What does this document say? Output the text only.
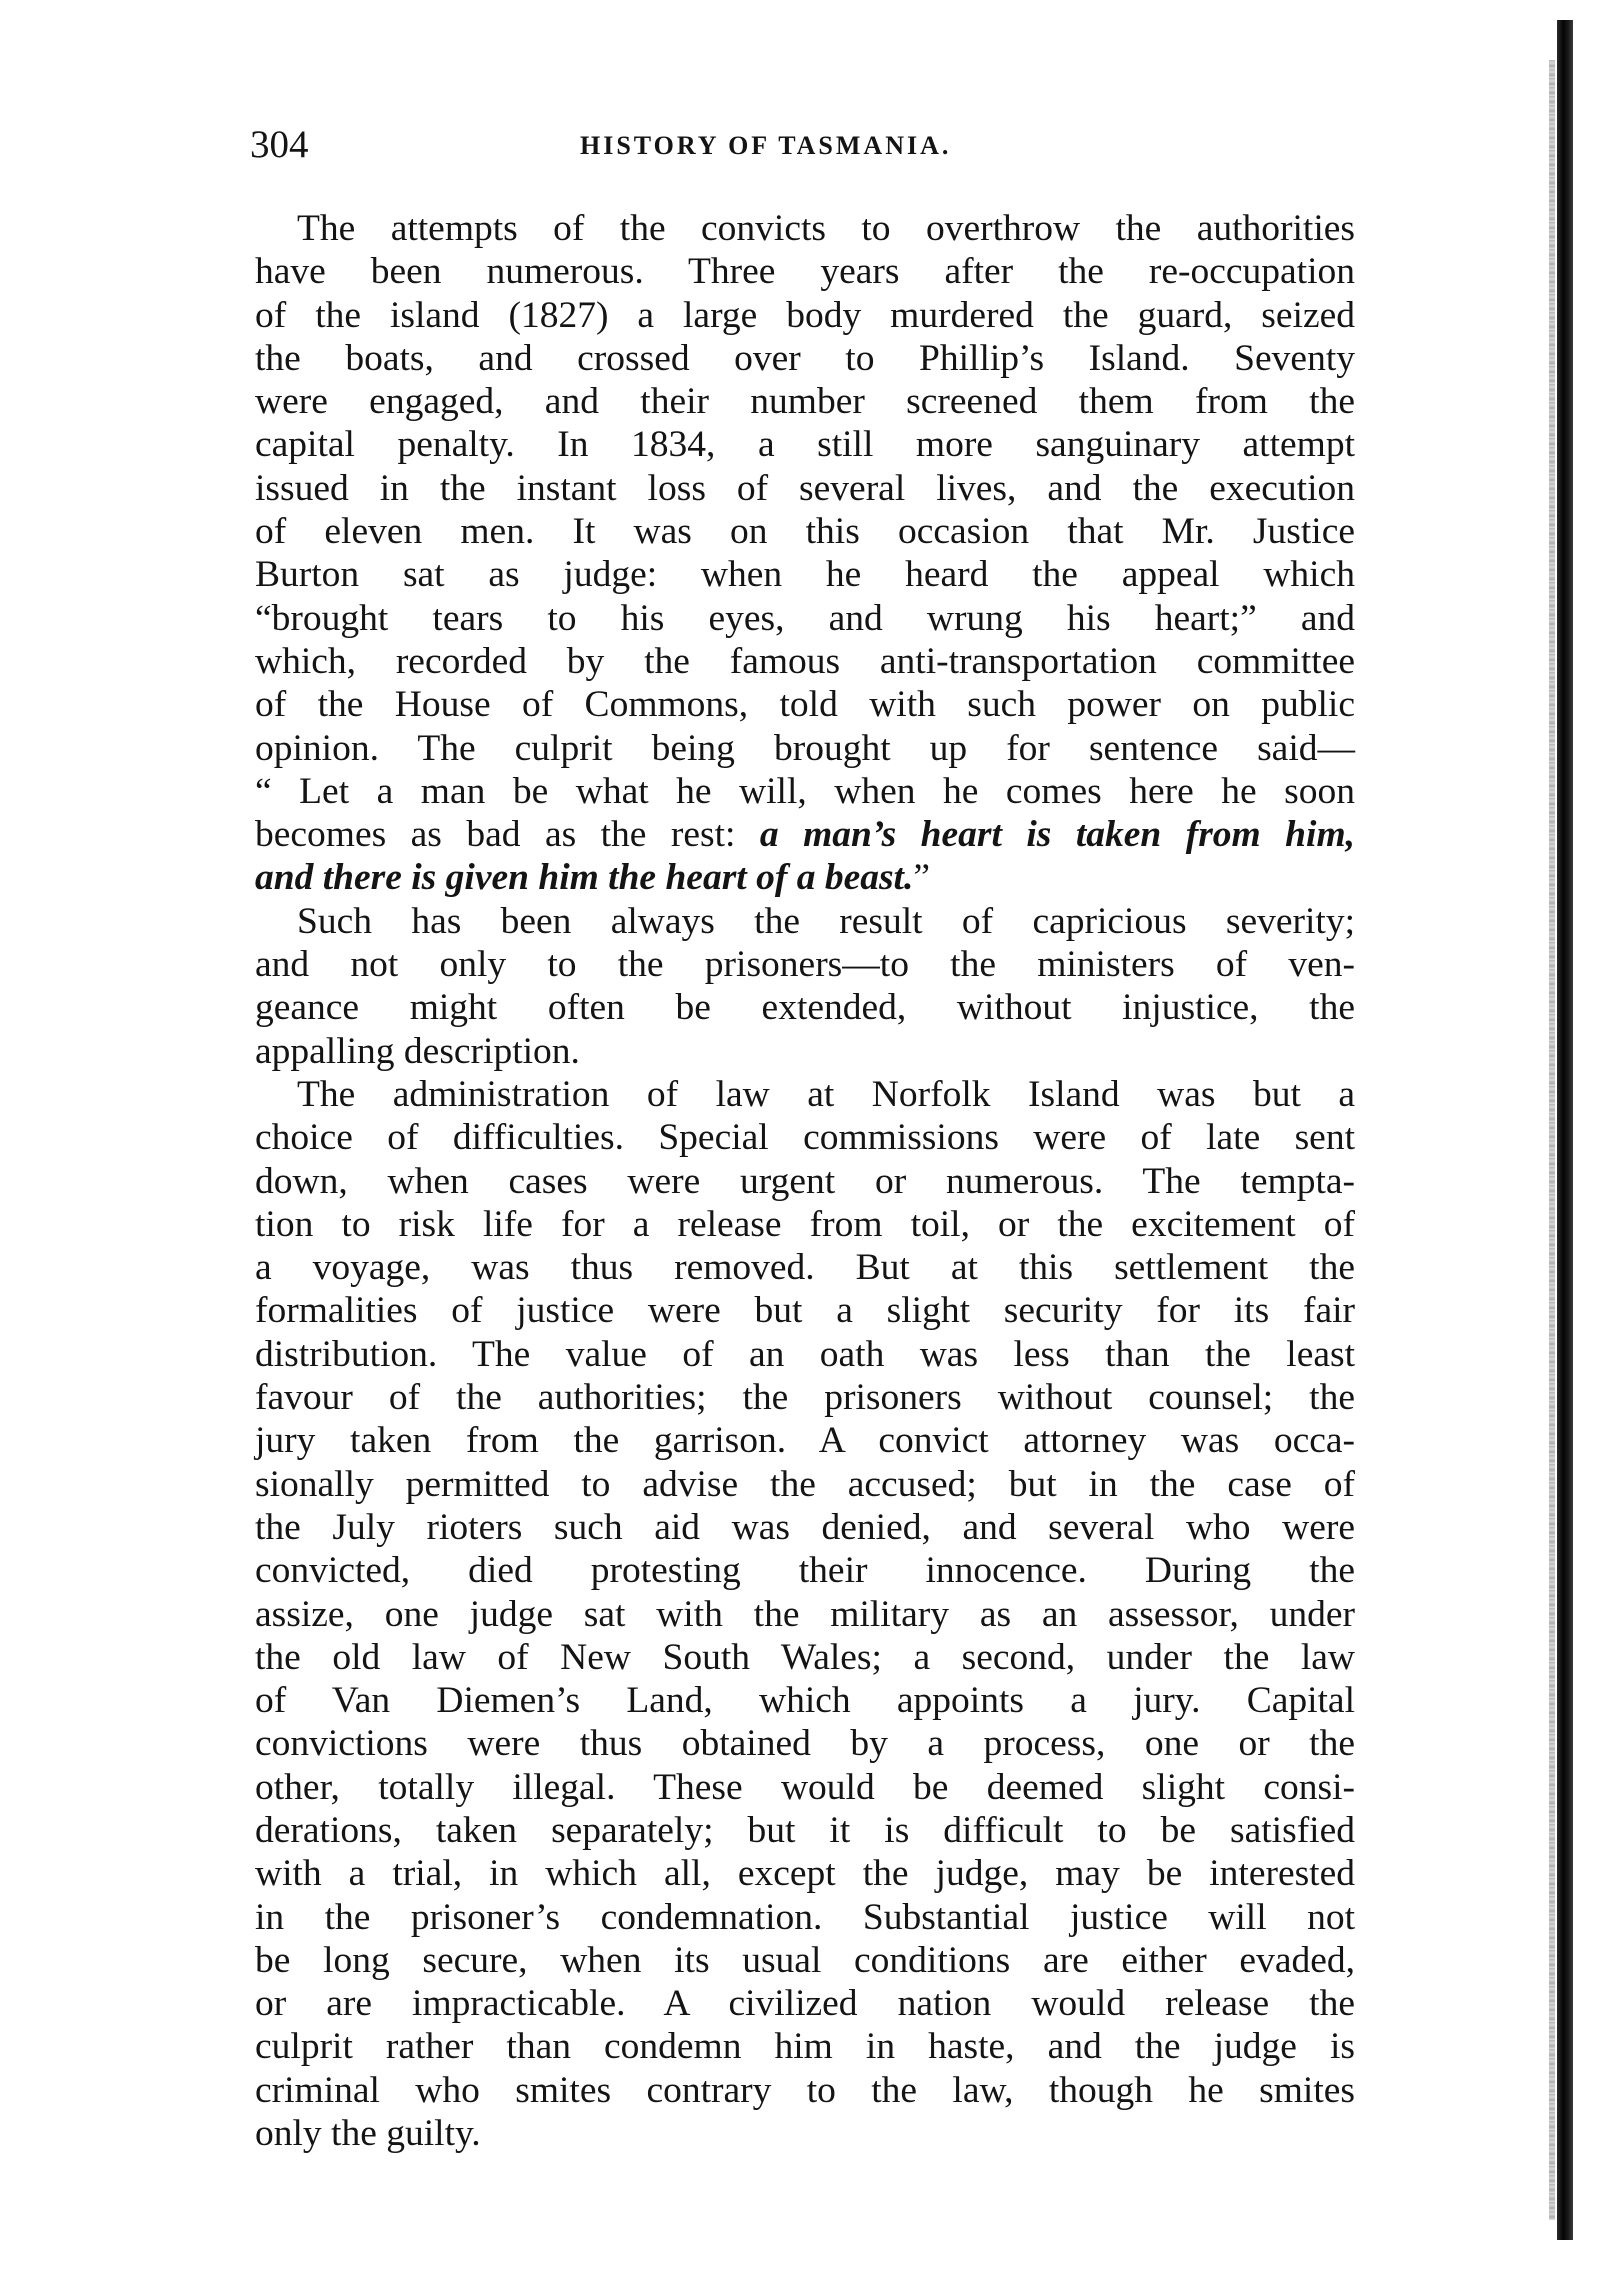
304	HISTORY OF TASMANIA.
The attempts of the convicts to overthrow the authorities
have been numerous. Three years after the re-occupation
of the island (1827) a large body murdered the guard, seized
the boats, and crossed over to Phillip’s Island. Seventy
were engaged, and their number screened them from the
capital penalty. In 1834, a still more sanguinary attempt
issued in the instant loss of several lives, and the execution
of eleven men. It was on this occasion that Mr. Justice
Burton sat as judge: when he heard the appeal which
“brought tears to his eyes, and wrung his heart;” and
which, recorded by the famous anti-transportation committee
of the House of Commons, told with such power on public
opinion. The culprit being brought up for sentence said—
“ Let a man be what he will, when he comes here he soon
becomes as bad as the rest: a man’s heart is taken from him,
and there is given him the heart of a beast.”
Such has been always the result of capricious severity;
and not only to the prisoners—to the ministers of ven-
geance might often be extended, without injustice, the
appalling description.
The administration of law at Norfolk Island was but a
choice of difficulties. Special commissions were of late sent
down, when cases were urgent or numerous. The tempta-
tion to risk life for a release from toil, or the excitement of
a voyage, was thus removed. But at this settlement the
formalities of justice were but a slight security for its fair
distribution. The value of an oath was less than the least
favour of the authorities; the prisoners without counsel; the
jury taken from the garrison. A convict attorney was occa-
sionally permitted to advise the accused; but in the case of
the July rioters such aid was denied, and several who were
convicted, died protesting their innocence. During the
assize, one judge sat with the military as an assessor, under
the old law of New South Wales; a second, under the law
of Van Diemen’s Land, which appoints a jury. Capital
convictions were thus obtained by a process, one or the
other, totally illegal. These would be deemed slight consi-
derations, taken separately; but it is difficult to be satisfied
with a trial, in which all, except the judge, may be interested
in the prisoner’s condemnation. Substantial justice will not
be long secure, when its usual conditions are either evaded,
or are impracticable. A civilized nation would release the
culprit rather than condemn him in haste, and the judge is
criminal who smites contrary to the law, though he smites
only the guilty.
